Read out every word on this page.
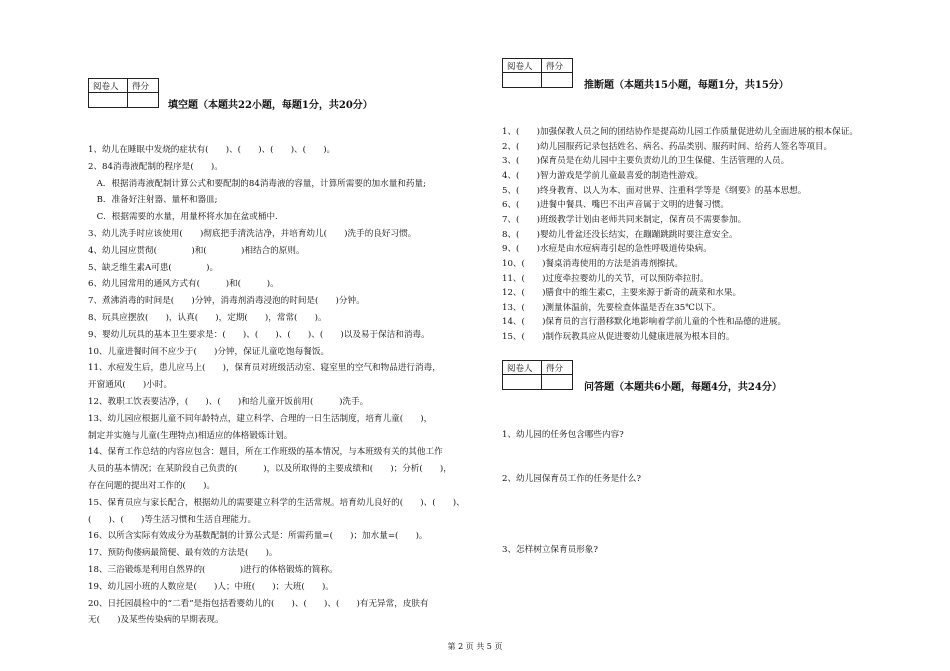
阅卷人	得分

填空题（本题共22小题，每题1分，共20分）
1、幼儿在睡眠中发烧的症状有(　　)、(　　)、(　　)、(　　)。
2、84消毒液配制的程序是(　　)。
　A．根据消毒液配制计算公式和要配制的84消毒液的容量，计算所需要的加水量和药量;
　B．准备好注射器、量杯和器皿;
　C．根据需要的水量，用量杯将水加在盆或桶中.
3、幼儿洗手时应该使用(　　)彻底把手清洗洁净，并培育幼儿(　　)洗手的良好习惯。
4、幼儿园应贯彻(　　　　)和(　　　　)相结合的原则。
5、缺乏维生素A可患(　　　　)。
6、幼儿园常用的通风方式有(　　　)和(　　　)。
7、煮沸消毒的时间是(　　)分钟，消毒剂消毒浸泡的时间是(　　)分钟。
8、玩具应摆放(　　)，认真(　　)，定期(　　)，常常(　　)。
9、婴幼儿玩具的基本卫生要求是：(　　)、(　　)、(　　)、(　　)以及易于保洁和消毒。
10、儿童进餐时间不应少于(　　)分钟，保证儿童吃饱每餐饭。
11、水痘发生后，患儿应马上(　　)，保育员对班级活动室、寝室里的空气和物品进行消毒，
开窗通风(　　)小时。
12、教职工饮表要洁净，(　　)、(　　)和给儿童开饭前用(　　　)洗手。
13、幼儿园应根据儿童不同年龄特点，建立科学、合理的一日生活制度，培育儿童(　　)，
制定并实施与儿童(生理特点)相适应的体格锻炼计划。
14、保育工作总结的内容应包含：题目，所在工作班级的基本情况，与本班级有关的其他工作
人员的基本情况；在某阶段自己负责的(　　　)，以及所取得的主要成绩和(　　)；分析(　　)，
存在问题的提出对工作的(　　)。
15、保育员应与家长配合，根据幼儿的需要建立科学的生活常规。培育幼儿良好的(　　)、(　　)、
(　　)、(　　)等生活习惯和生活自理能力。
16、以所含实际有效成分为基数配制的计算公式是：所需药量=(　　)；加水量=(　　)。
17、预防佝偻病最简便、最有效的方法是(　　)。
18、三浴锻炼是利用自然界的(　　　　)进行的体格锻炼的简称。
19、幼儿园小班的人数应是(　　)人；中班(　　)；大班(　　)。
20、日托园晨检中的“二看”是指包括看婴幼儿的(　　)、(　　)、(　　)有无异常，皮肤有
无(　　)及某些传染病的早期表现。
阅卷人	得分

推断题（本题共15小题，每题1分，共15分）
1、(　　)加强保教人员之间的团结协作是提高幼儿园工作质量促进幼儿全面进展的根本保证。
2、(　　)幼儿园服药记录包括姓名、病名、药品类别、服药时间、给药人签名等项目。
3、(　　)保育员是在幼儿园中主要负责幼儿的卫生保健、生活管理的人员。
4、(　　)智力游戏是学前儿童最喜爱的制造性游戏。
5、(　　)终身教育、以人为本、面对世界、注重科学等是《纲要》的基本思想。
6、(　　)进餐中餐具、嘴巴不出声音属于文明的进餐习惯。
7、(　　)班级教学计划由老师共同来制定，保育员不需要参加。
8、(　　)婴幼儿骨盆还没长结实，在蹦蹦跳跳时要注意安全。
9、(　　)水痘是由水痘病毒引起的急性呼吸道传染病。
10、(　　)餐桌消毒使用的方法是消毒剂擦拭。
11、(　　)过度牵拉婴幼儿的关节，可以预防牵拉肘。
12、(　　)膳食中的维生素C，主要来源于新奇的蔬菜和水果。
13、(　　)测量体温前，先要检查体温是否在35℃以下。
14、(　　)保育员的言行潜移默化地影响着学前儿童的个性和品德的进展。
15、(　　)制作玩教具应从促进婴幼儿健康进展为根本目的。
阅卷人	得分

问答题（本题共6小题，每题4分，共24分）
1、幼儿园的任务包含哪些内容?
2、幼儿园保育员工作的任务是什么?
3、怎样树立保育员形象?
第 2 页 共 5 页
